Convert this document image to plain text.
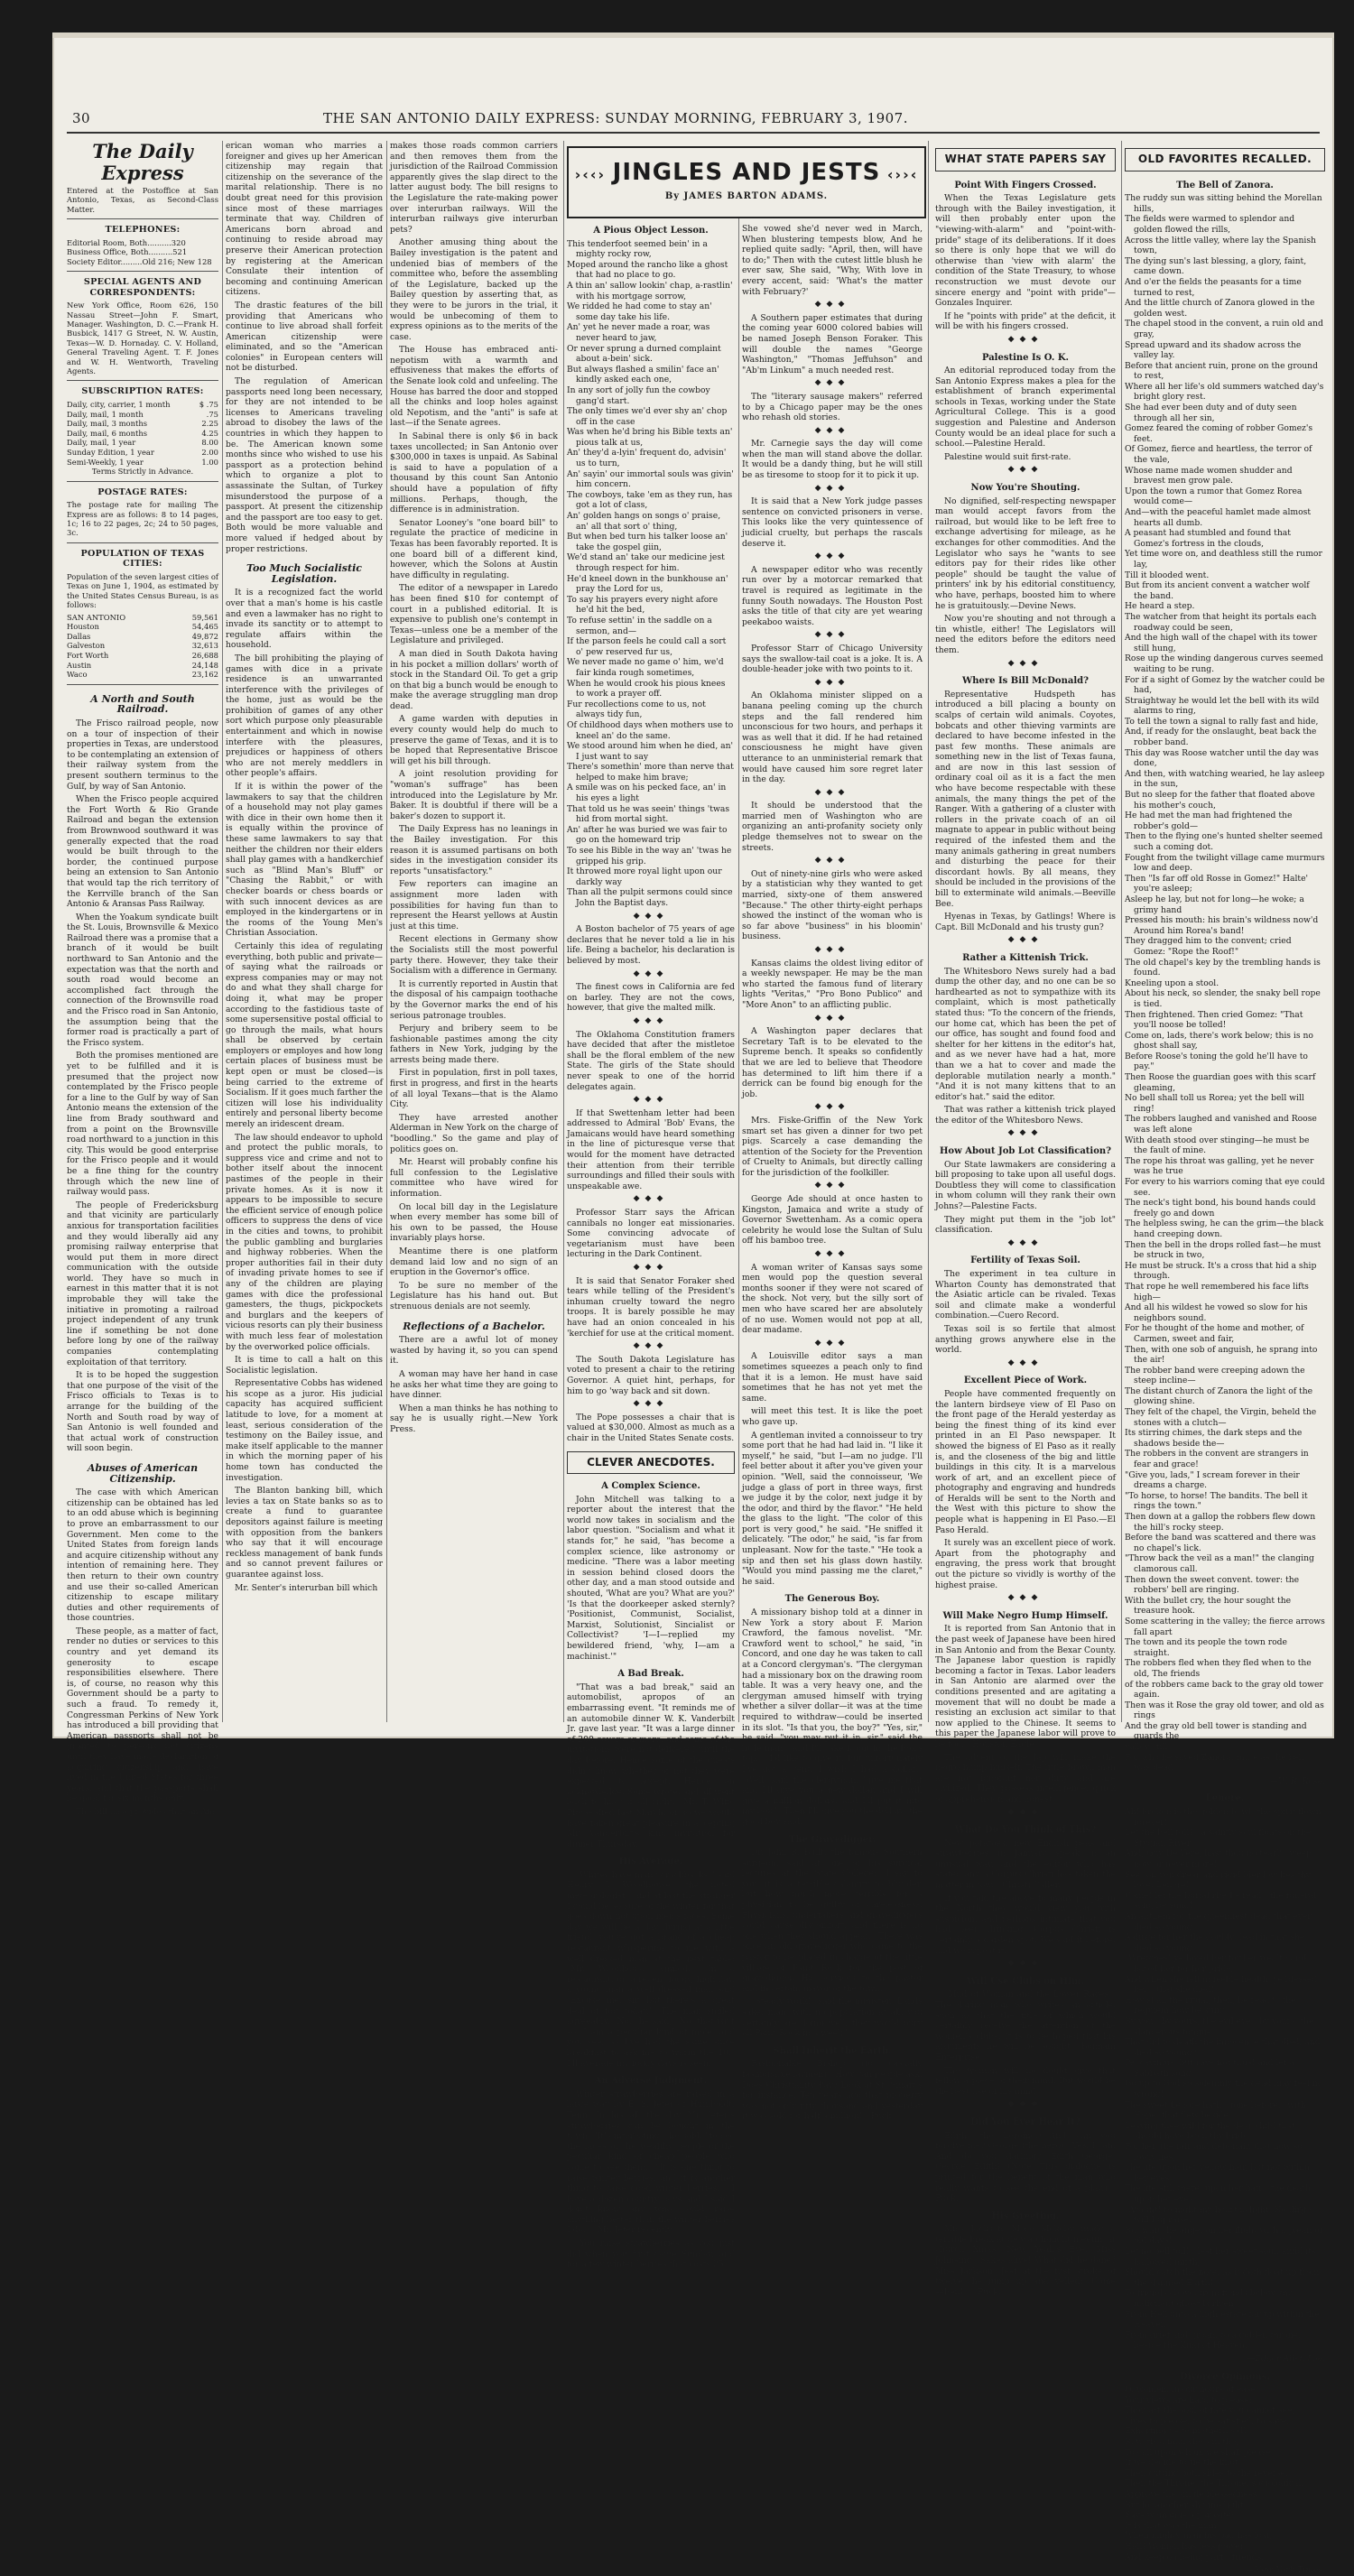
30	THE SAN ANTONIO DAILY EXPRESS: SUNDAY MORNING, FEBRUARY 3, 1907.
The Daily Express

Entered at the Postoffice at San Antonio, Texas, as Second-Class Matter.

TELEPHONES:

Editorial Room, Both..........320

Business Office, Both..........521

Society Editor.........Old 216; New 128

SPECIAL AGENTS AND CORRESPONDENTS:

New York Office, Room 626, 150 Nassau Street—John F. Smart, Manager. Washington, D. C.—Frank H. Busbick, 1417 G Street, N. W. Austin, Texas—W. D. Hornaday. C. V. Holland, General Traveling Agent. T. F. Jones and W. H. Wentworth, Traveling Agents.

SUBSCRIPTION RATES:

Daily, city, carrier, 1 month	$ .75
Daily, mail, 1 month	.75
Daily, mail, 3 months	2.25
Daily, mail, 6 months	4.25
Daily, mail, 1 year	8.00
Sunday Edition, 1 year	2.00
Semi-Weekly, 1 year	1.00

Terms Strictly in Advance.

POSTAGE RATES:

The postage rate for mailing The Express are as follows: 8 to 14 pages, 1c; 16 to 22 pages, 2c; 24 to 50 pages, 3c.

POPULATION OF TEXAS CITIES:

Population of the seven largest cities of Texas on June 1, 1904, as estimated by the United States Census Bureau, is as follows:

SAN ANTONIO	59,561
Houston	54,465
Dallas	49,872
Galveston	32,613
Fort Worth	26,688
Austin	24,148
Waco	23,162

A North and South Railroad.

The Frisco railroad people, now on a tour of inspection of their properties in Texas, are understood to be contemplating an extension of their railway system from the present southern terminus to the Gulf, by way of San Antonio.

When the Frisco people acquired the Fort Worth & Rio Grande Railroad and began the extension from Brownwood southward it was generally expected that the road would be built through to the border, the continued purpose being an extension to San Antonio that would tap the rich territory of the Kerrville branch of the San Antonio & Aransas Pass Railway.

When the Yoakum syndicate built the St. Louis, Brownsville & Mexico Railroad there was a promise that a branch of it would be built northward to San Antonio and the expectation was that the north and south road would become an accomplished fact through the connection of the Brownsville road and the Frisco road in San Antonio, the assumption being that the former road is practically a part of the Frisco system.

Both the promises mentioned are yet to be fulfilled and it is presumed that the project now contemplated by the Frisco people for a line to the Gulf by way of San Antonio means the extension of the line from Brady southward and from a point on the Brownsville road northward to a junction in this city. This would be good enterprise for the Frisco people and it would be a fine thing for the country through which the new line of railway would pass.

The people of Fredericksburg and that vicinity are particularly anxious for transportation facilities and they would liberally aid any promising railway enterprise that would put them in more direct communication with the outside world. They have so much in earnest in this matter that it is not improbable they will take the initiative in promoting a railroad project independent of any trunk line if something be not done before long by one of the railway companies contemplating exploitation of that territory.

It is to be hoped the suggestion that one purpose of the visit of the Frisco officials to Texas is to arrange for the building of the North and South road by way of San Antonio is well founded and that actual work of construction will soon begin.

Abuses of American Citizenship.

The case with which American citizenship can be obtained has led to an odd abuse which is beginning to prove an embarrassment to our Government. Men come to the United States from foreign lands and acquire citizenship without any intention of remaining here. They then return to their own country and use their so-called American citizenship to escape military duties and other requirements of those countries.

These people, as a matter of fact, render no duties or services to this country and yet demand its generosity to escape responsibilities elsewhere. There is, of course, no reason why this Government should be a party to such a fraud. To remedy it, Congressman Perkins of New York has introduced a bill providing that American passports shall not be granted to persons not citizens until they have made declaration of acquiring citizenship and have lived in the United States for three years, and that the passports shall be good for six months only.

The bill also provides that an Am-

erican woman who marries a foreigner and gives up her American citizenship may regain that citizenship on the severance of the marital relationship. There is no doubt great need for this provision since most of these marriages terminate that way. Children of Americans born abroad and continuing to reside abroad may preserve their American protection by registering at the American Consulate their intention of becoming and continuing American citizens.

The drastic features of the bill providing that Americans who continue to live abroad shall forfeit American citizenship were eliminated, and so the "American colonies" in European centers will not be disturbed.

The regulation of American passports need long been necessary, for they are not intended to be licenses to Americans traveling abroad to disobey the laws of the countries in which they happen to be. The American known some months since who wished to use his passport as a protection behind which to organize a plot to assassinate the Sultan, of Turkey misunderstood the purpose of a passport. At present the citizenship and the passport are too easy to get. Both would be more valuable and more valued if hedged about by proper restrictions.

Too Much Socialistic Legislation.

It is a recognized fact the world over that a man's home is his castle and even a lawmaker has no right to invade its sanctity or to attempt to regulate affairs within the household.

The bill prohibiting the playing of games with dice in a private residence is an unwarranted interference with the privileges of the home, just as would be the prohibition of games of any other sort which purpose only pleasurable entertainment and which in nowise interfere with the pleasures, prejudices or happiness of others who are not merely meddlers in other people's affairs.

If it is within the power of the lawmakers to say that the children of a household may not play games with dice in their own home then it is equally within the province of these same lawmakers to say that neither the children nor their elders shall play games with a handkerchief such as "Blind Man's Bluff" or "Chasing the Rabbit," or with checker boards or chess boards or with such innocent devices as are employed in the kindergartens or in the rooms of the Young Men's Christian Association.

Certainly this idea of regulating everything, both public and private—of saying what the railroads or express companies may or may not do and what they shall charge for doing it, what may be proper according to the fastidious taste of some supersensitive postal official to go through the mails, what hours shall be observed by certain employers or employes and how long certain places of business must be kept open or must be closed—is being carried to the extreme of Socialism. If it goes much farther the citizen will lose his individuality entirely and personal liberty become merely an iridescent dream.

The law should endeavor to uphold and protect the public morals, to suppress vice and crime and not to bother itself about the innocent pastimes of the people in their private homes. As it is now it appears to be impossible to secure the efficient service of enough police officers to suppress the dens of vice in the cities and towns, to prohibit the public gambling and burglaries and highway robberies. When the proper authorities fail in their duty of invading private homes to see if any of the children are playing games with dice the professional gamesters, the thugs, pickpockets and burglars and the keepers of vicious resorts can ply their business with much less fear of molestation by the overworked police officials.

It is time to call a halt on this Socialistic legislation.

Representative Cobbs has widened his scope as a juror. His judicial capacity has acquired sufficient latitude to love, for a moment at least, serious consideration of the testimony on the Bailey issue, and make itself applicable to the manner in which the morning paper of his home town has conducted the investigation.

The Blanton banking bill, which levies a tax on State banks so as to create a fund to guarantee depositors against failure is meeting with opposition from the bankers who say that it will encourage reckless management of bank funds and so cannot prevent failures or guarantee against loss.

Mr. Senter's interurban bill which

makes those roads common carriers and then removes them from the jurisdiction of the Railroad Commission apparently gives the slap direct to the latter august body. The bill resigns to the Legislature the rate-making power over interurban railways. Will the interurban railways give interurban pets?

Another amusing thing about the Bailey investigation is the patent and undenied bias of members of the committee who, before the assembling of the Legislature, backed up the Bailey question by asserting that, as they were to be jurors in the trial, it would be unbecoming of them to express opinions as to the merits of the case.

The House has embraced anti-nepotism with a warmth and effusiveness that makes the efforts of the Senate look cold and unfeeling. The House has barred the door and stopped all the chinks and loop holes against old Nepotism, and the "anti" is safe at last—if the Senate agrees.

In Sabinal there is only $6 in back taxes uncollected; in San Antonio over $300,000 in taxes is unpaid. As Sabinal is said to have a population of a thousand by this count San Antonio should have a population of fifty millions. Perhaps, though, the difference is in administration.

Senator Looney's "one board bill" to regulate the practice of medicine in Texas has been favorably reported. It is one board bill of a different kind, however, which the Solons at Austin have difficulty in regulating.

The editor of a newspaper in Laredo has been fined $10 for contempt of court in a published editorial. It is expensive to publish one's contempt in Texas—unless one be a member of the Legislature and privileged.

A man died in South Dakota having in his pocket a million dollars' worth of stock in the Standard Oil. To get a grip on that big a bunch would be enough to make the average struggling man drop dead.

A game warden with deputies in every county would help do much to preserve the game of Texas, and it is to be hoped that Representative Briscoe will get his bill through.

A joint resolution providing for "woman's suffrage" has been introduced into the Legislature by Mr. Baker. It is doubtful if there will be a baker's dozen to support it.

The Daily Express has no leanings in the Bailey investigation. For this reason it is assumed partisans on both sides in the investigation consider its reports "unsatisfactory."

Few reporters can imagine an assignment more laden with possibilities for having fun than to represent the Hearst yellows at Austin just at this time.

Recent elections in Germany show the Socialists still the most powerful party there. However, they take their Socialism with a difference in Germany.

It is currently reported in Austin that the disposal of his campaign toothache by the Governor marks the end of his serious patronage troubles.

Perjury and bribery seem to be fashionable pastimes among the city fathers in New York, judging by the arrests being made there.

First in population, first in poll taxes, first in progress, and first in the hearts of all loyal Texans—that is the Alamo City.

They have arrested another Alderman in New York on the charge of "boodling." So the game and play of politics goes on.

Mr. Hearst will probably confine his full confession to the Legislative committee who have wired for information.

On local bill day in the Legislature when every member has some bill of his own to be passed, the House invariably plays horse.

Meantime there is one platform demand laid low and no sign of an eruption in the Governor's office.

To be sure no member of the Legislature has his hand out. But strenuous denials are not seemly.

Reflections of a Bachelor.

There are a awful lot of money wasted by having it, so you can spend it.

A woman may have her hand in case he asks her what time they are going to have dinner.

When a man thinks he has nothing to say he is usually right.—New York Press.

›‹‹› JINGLES AND JESTS ‹››‹
By JAMES BARTON ADAMS.

A Pious Object Lesson.

This tenderfoot seemed bein' in a mighty rocky row,

Moped around the rancho like a ghost that had no place to go.

A thin an' sallow lookin' chap, a-rastlin' with his mortgage sorrow,

We ridded he had come to stay an' some day take his life.

An' yet he never made a roar, was never heard to jaw,

Or never sprung a durned complaint about a-bein' sick.

But always flashed a smilin' face an' kindly asked each one,

In any sort of jolly fun the cowboy gang'd start.

The only times we'd ever shy an' chop off in the case

Was when he'd bring his Bible texts an' pious talk at us,

An' they'd a-lyin' frequent do, advisin' us to turn,

An' sayin' our immortal souls was givin' him concern.

The cowboys, take 'em as they run, has got a lot of class,

An' golden hangs on songs o' praise, an' all that sort o' thing,

But when bed turn his talker loose an' take the gospel giin,

We'd stand an' take our medicine jest through respect for him.

He'd kneel down in the bunkhouse an' pray the Lord for us,

To say his prayers every night afore he'd hit the bed,

To refuse settin' in the saddle on a sermon, and—

If the parson feels he could call a sort o' pew reserved fur us,

We never made no game o' him, we'd fair kinda rough sometimes,

When he would crook his pious knees to work a prayer off.

Fur recollections come to us, not always tidy fun,

Of childhood days when mothers use to kneel an' do the same.

We stood around him when he died, an' I just want to say

There's somethin' more than nerve that helped to make him brave;

A smile was on his pecked face, an' in his eyes a light

That told us he was seein' things 'twas hid from mortal sight.

An' after he was buried we was fair to go on the homeward trip

To see his Bible in the way an' 'twas he gripped his grip.

It throwed more royal light upon our darkly way

Than all the pulpit sermons could since John the Baptist days.

◆◆◆

A Boston bachelor of 75 years of age declares that he never told a lie in his life. Being a bachelor, his declaration is believed by most.

◆◆◆

The finest cows in California are fed on barley. They are not the cows, however, that give the malted milk.

◆◆◆

The Oklahoma Constitution framers have decided that after the mistletoe shall be the floral emblem of the new State. The girls of the State should never speak to one of the horrid delegates again.

◆◆◆

If that Swettenham letter had been addressed to Admiral 'Bob' Evans, the Jamaicans would have heard something in the line of picturesque verse that would for the moment have detracted their attention from their terrible surroundings and filled their souls with unspeakable awe.

◆◆◆

Professor Starr says the African cannibals no longer eat missionaries. Some convincing advocate of vegetarianism must have been lecturing in the Dark Continent.

◆◆◆

It is said that Senator Foraker shed tears while telling of the President's inhuman cruelty toward the negro troops. It is barely possible he may have had an onion concealed in his 'kerchief for use at the critical moment.

◆◆◆

The South Dakota Legislature has voted to present a chair to the retiring Governor. A quiet hint, perhaps, for him to go 'way back and sit down.

◆◆◆

The Pope possesses a chair that is valued at $30,000. Almost as much as a chair in the United States Senate costs.

CLEVER ANECDOTES.

A Complex Science.

John Mitchell was talking to a reporter about the interest that the world now takes in socialism and the labor question. "Socialism and what it stands for," he said, "has become a complex science, like astronomy or medicine. "There was a labor meeting in session behind closed doors the other day, and a man stood outside and shouted, 'What are you? What are you?' 'Is that the doorkeeper asked sternly? 'Positionist, Communist, Socialist, Marxist, Solutionist, Sincialist or Collectivist? 'I—I—replied my bewildered friend, 'why, I—am a machinist.'"

A Bad Break.

"That was a bad break," said an automobilist, apropos of an embarrassing event. "It reminds me of an automobile dinner W. K. Vanderbilt Jr. gave last year. "It was a large dinner of 200 covers or more, and some of the invitations were not delivered until the day before. Hence some of the guests didn't know whether or not they were expected to accept. Hence an acknowledge. Some wrote, and all went back to his car all right. "Mr. T. Wiffe Pitcoe died last March, or so we would have taken great pleasure in accepting Mr. Vanderbilt's kind invitation for dinner Thursday."

His Average.

"Whites have many crackbacks," said Henry J. Woodhouse, the noted meteorologist, "and at last the stranger I could be so sure of the winter for that goes down not upon men's faces. Some day we will be a day during at a little friend 'you've got a brand of a cheap restaurant whispering to me with a well dressed man at the next table: "Mr. Woodhouse smiled. "In a restaurant, on a recent foggy, high day, a young man a well dressed man said "Excuse me, sir, but there's a great deal of fog today.' "The man smiled agreeably. "No," he said, "No, that isn't so. I am a peculiar kind of mole, and you see, as I've had the same since breakfast to ask me to warm the 10," I'll average my foggy days is seen."

An Adverse Judgment.

Winter strawberries are raised in a large way by E. S. Jeter of Humboldt, Tenn. In his all the day Mr. Jeter's strawberries can be bought in the town. "It's interesting," he said, "to see the faces of the wealthy people of the peculiar kind of cheap people who come to see them." "It is one thing to raise winter berries, and it is another thing to raise good winter berries." "I have a dozen country boys and I said I don't know any who could raise anything better than the winter berries I do."—Mr. Jeter recently.

"You raise strawberries as you just did when you first came Sunday, and for a few winter berries that costs 25.

She vowed she'd never wed in March, When blustering tempests blow, And he replied quite sadly: "April, then, will have to do;" Then with the cutest little blush he ever saw, She said, "Why, With love in every accent, said: 'What's the matter with February?'

◆◆◆

A Southern paper estimates that during the coming year 6000 colored babies will be named Joseph Benson Foraker. This will double the names "George Washington," "Thomas Jeffuhson" and "Ab'm Linkum" a much needed rest.

◆◆◆

The "literary sausage makers" referred to by a Chicago paper may be the ones who rehash old stories.

◆◆◆

Mr. Carnegie says the day will come when the man will stand above the dollar. It would be a dandy thing, but he will still be as tiresome to stoop for it to pick it up.

◆◆◆

It is said that a New York judge passes sentence on convicted prisoners in verse. This looks like the very quintessence of judicial cruelty, but perhaps the rascals deserve it.

◆◆◆

A newspaper editor who was recently run over by a motorcar remarked that travel is required as legitimate in the funny South nowadays. The Houston Post asks the title of that city are yet wearing peekaboo waists.

◆◆◆

Professor Starr of Chicago University says the swallow-tail coat is a joke. It is. A double-header joke with two points to it.

◆◆◆

An Oklahoma minister slipped on a banana peeling coming up the church steps and the fall rendered him unconscious for two hours, and perhaps it was as well that it did. If he had retained consciousness he might have given utterance to an unministerial remark that would have caused him sore regret later in the day.

◆◆◆

It should be understood that the married men of Washington who are organizing an anti-profanity society only pledge themselves not to swear on the streets.

◆◆◆

Out of ninety-nine girls who were asked by a statistician why they wanted to get married, sixty-one of them answered "Because." The other thirty-eight perhaps showed the instinct of the woman who is so far above "business" in his bloomin' business.

◆◆◆

Kansas claims the oldest living editor of a weekly newspaper. He may be the man who started the famous fund of literary lights "Veritas," "Pro Bono Publico" and "More Anon" to an afflicting public.

◆◆◆

A Washington paper declares that Secretary Taft is to be elevated to the Supreme bench. It speaks so confidently that we are led to believe that Theodore has determined to lift him there if a derrick can be found big enough for the job.

◆◆◆

Mrs. Fiske-Griffin of the New York smart set has given a dinner for two pet pigs. Scarcely a case demanding the attention of the Society for the Prevention of Cruelty to Animals, but directly calling for the jurisdiction of the foolkiller.

◆◆◆

George Ade should at once hasten to Kingston, Jamaica and write a study of Governor Swettenham. As a comic opera celebrity he would lose the Sultan of Sulu off his bamboo tree.

◆◆◆

A woman writer of Kansas says some men would pop the question several months sooner if they were not scared of the shock. Not very, but the silly sort of men who have scared her are absolutely of no use. Women would not pop at all, dear madame.

◆◆◆

A Louisville editor says a man sometimes squeezes a peach only to find that it is a lemon. He must have said sometimes that he has not yet met the same.

will meet this test. It is like the poet who gave up.

A gentleman invited a connoisseur to try some port that he had had laid in. "I like it myself," he said, "but I—am no judge. I'll feel better about it after you've given your opinion. "Well, said the connoisseur, 'We judge a glass of port in three ways, first we judge it by the color, next judge it by the odor, and third by the flavor." "He held the glass to the light. "The color of this port is very good," he said. "He sniffed it delicately. "The odor," he said, "is far from unpleasant. Now for the taste." "He took a sip and then set his glass down hastily. "Would you mind passing me the claret," he said.

The Generous Boy.

A missionary bishop told at a dinner in New York a story about F. Marion Crawford, the famous novelist. "Mr. Crawford went to school," he said, "in Concord, and one day he was taken to call at a Concord clergyman's. "The clergyman had a missionary box on the drawing room table. It was a very heavy one, and the clergyman amused himself with trying whether a silver dollar—it was at the time required to withdraw—could be inserted in its slot. "Is that you, the boy?" "Yes, sir," he said, "you may put it in, sir," said the little man, "and I'll take it out in the box's top." "I'd like to give it, but unfortunately I've got a cent. I wish I had a dollar." "Well, said the clergyman, 'give me that and I'll give you a new dollar, and I will give a million dollars, and I'll put it into my box.' "Then I'll give you the dollar," the good boy said.

The Gravedigger.

Dr. John B. Bullt, the famous Southern surgeon, said at one of his surgical lectures at the State College: "I say to you, it is a terrible calamity to blunder, but how much more terrible for a physician to be guilty of carelessness. Physicians, undertakers and gravediggers could cause discomfort, and there is no one when they should appear. "There was once an old gravedigger who came to the pastor to be placed in charge of the little village of Paint Rock for the post of gravedigger. His services to the pastor and in certain mayor of the town.

"Steady work!" said the minister, 'Lands sake, man, with no population at all, you certainly are doing well, they would bury all Paint Rock in a week.'"

Shall Inherit the Earth.

Fashionable Bishop (to casually fashionable laymen)—How can people ask, Does Christianity Pay? Look at St. Smart's for instance. Ten years ago that property was not only fifty thousand and yesterday it was sold for half a million!—Puck.

WHAT STATE PAPERS SAY

Point With Fingers Crossed.

When the Texas Legislature gets through with the Bailey investigation, it will then probably enter upon the "viewing-with-alarm" and "point-with-pride" stage of its deliberations. If it does so there is only hope that we will do otherwise than 'view with alarm' the condition of the State Treasury, to whose reconstruction we must devote our sincere energy and "point with pride"—Gonzales Inquirer.

If he "points with pride" at the deficit, it will be with his fingers crossed.

◆◆◆

Palestine Is O. K.

An editorial reproduced today from the San Antonio Express makes a plea for the establishment of branch experimental schools in Texas, working under the State Agricultural College. This is a good suggestion and Palestine and Anderson County would be an ideal place for such a school.—Palestine Herald.

Palestine would suit first-rate.

◆◆◆

Now You're Shouting.

No dignified, self-respecting newspaper man would accept favors from the railroad, but would like to be left free to exchange advertising for mileage, as he exchanges for other commodities. And the Legislator who says he "wants to see editors pay for their rides like other people" should be taught the value of printers' ink by his editorial constituency, who have, perhaps, boosted him to where he is gratuitously.—Devine News.

Now you're shouting and not through a tin whistle, either! The Legislators will need the editors before the editors need them.

◆◆◆

Where Is Bill McDonald?

Representative Hudspeth has introduced a bill placing a bounty on scalps of certain wild animals. Coyotes, bobcats and other thieving varmints are declared to have become infested in the past few months. These animals are something new in the list of Texas fauna, and are now in this last session of ordinary coal oil as it is a fact the men who have become respectable with these animals, the many things the pet of the Ranger. With a gathering of a cluster with rollers in the private coach of an oil magnate to appear in public without being required of the infested them and the many animals gathering in great numbers and disturbing the peace for their discordant howls. By all means, they should be included in the provisions of the bill to exterminate wild animals.—Beeville Bee.

Hyenas in Texas, by Gatlings! Where is Capt. Bill McDonald and his trusty gun?

◆◆◆

Rather a Kittenish Trick.

The Whitesboro News surely had a bad dump the other day, and no one can be so hardhearted as not to sympathize with its complaint, which is most pathetically stated thus: "To the concern of the friends, our home cat, which has been the pet of our office, has sought and found food and shelter for her kittens in the editor's hat, and as we never have had a hat, more than we a hat to cover and made the deplorable mutilation nearly a month." "And it is not many kittens that to an editor's hat." said the editor.

That was rather a kittenish trick played the editor of the Whitesboro News.

◆◆◆

How About Job Lot Classification?

Our State lawmakers are considering a bill proposing to take upon all useful dogs. Doubtless they will come to classification in whom column will they rank their own Johns?—Palestine Facts.

They might put them in the "job lot" classification.

◆◆◆

Fertility of Texas Soil.

The experiment in tea culture in Wharton County has demonstrated that the Asiatic article can be rivaled. Texas soil and climate make a wonderful combination.—Cuero Record.

Texas soil is so fertile that almost anything grows anywhere else in the world.

◆◆◆

Excellent Piece of Work.

People have commented frequently on the lantern birdseye view of El Paso on the front page of the Herald yesterday as being the finest thing of its kind ever printed in an El Paso newspaper. It showed the bigness of El Paso as it really is, and the closeness of the big and little buildings in this city. It is a marvelous work of art, and an excellent piece of photography and engraving and hundreds of Heralds will be sent to the North and the West with this picture to show the people what is happening in El Paso.—El Paso Herald.

It surely was an excellent piece of work. Apart from the photography and engraving, the press work that brought out the picture so vividly is worthy of the highest praise.

◆◆◆

Will Make Negro Hump Himself.

It is reported from San Antonio that in the past week of Japanese have been hired in San Antonio and from the Bexar County. The Japanese labor question is rapidly becoming a factor in Texas. Labor leaders in San Antonio are alarmed over the conditions presented and are agitating a movement that will no doubt be made a resisting an exclusion act similar to that now applied to the Chinese. It seems to this paper the Japanese labor will prove to be too.—Houston Eagle.

The advent of the Jap will make the negro hump himself. The little brown man are not ignorant nor dirty and are civilized. They possess intelligence, quick of apprehension and honest.

◆◆◆

What Do You Think of This?

New potatoes, new English peas and strawberries in January speak in an unusual way, and the editor who has stated any a Corpus Christi has taken the matter in tow.—Christi Caller.

If you told the above to many people in the North they would view you with suspicion, and perhaps intimate that you had been drinking. Corpus Christi is certainly a garden spot. We said it before, and we repeat it.

◆◆◆

Will Use Clubs on Him.

"Mud of Woman and the Lower Races!" The daring man who writes an article, such as that the title of which would certainly receive the attention of the women's clubs. It is to be hoped that his arguments he will be sought.—Bonham Enterprise.

The women will no doubt give that fellow a piece of their mind. But would be the best use of his mind.

◆◆◆

Did You Ever Hear It?

Edith (the heroine.)—And can you forgive me? George (the hero)—Yes, I can. And do you darling? Edith—George! George—Edith! (Note—This dialogue is printed for the benefit of the man who really wants to see the end of a play.)—Puck.

His Greeting.

Miss Jackson—Mose Mokeby made a terrible break at de watch-night meetin' at church Xmas, New Yeah's Eve. Miss Johnsing—Sakes alive! What did he done? Miss Jackson—Jest at the fust stroke of twelve, he jump up and yelled: 'Come seben!'"—Puck.

OLD FAVORITES RECALLED.

The Bell of Zanora.

The ruddy sun was sitting behind the Morellan hills,

The fields were warmed to splendor and golden flowed the rills,

Across the little valley, where lay the Spanish town,

The dying sun's last blessing, a glory, faint, came down.

And o'er the fields the peasants for a time turned to rest,

And the little church of Zanora glowed in the golden west.

The chapel stood in the convent, a ruin old and gray,

Spread upward and its shadow across the valley lay.

Before that ancient ruin, prone on the ground to rest,

Where all her life's old summers watched day's bright glory rest.

She had ever been duty and of duty seen through all her sin,

Gomez feared the coming of robber Gomez's feet.

Of Gomez, fierce and heartless, the terror of the vale,

Whose name made women shudder and bravest men grow pale.

Upon the town a rumor that Gomez Rorea would come—

And—with the peaceful hamlet made almost hearts all dumb.

A peasant had stumbled and found that Gomez's fortress in the clouds,

Yet time wore on, and deathless still the rumor lay,

Till it blooded went.

But from its ancient convent a watcher wolf the band.

He heard a step.

The watcher from that height its portals each roadway could be seen,

And the high wall of the chapel with its tower still hung,

Rose up the winding dangerous curves seemed waiting to be rung.

For if a sight of Gomez by the watcher could be had,

Straightway he would let the bell with its wild alarms to ring,

To tell the town a signal to rally fast and hide,

And, if ready for the onslaught, beat back the robber band.

This day was Roose watcher until the day was done,

And then, with watching wearied, he lay asleep in the sun,

But no sleep for the father that floated above his mother's couch,

He had met the man had frightened the robber's gold—

Then to the flying one's hunted shelter seemed such a coming dot.

Fought from the twilight village came murmurs low and deep.

Then "Is far off old Rosse in Gomez!" Halte' you're asleep;

Asleep he lay, but not for long—he woke; a grimy hand

Pressed his mouth: his brain's wildness now'd Around him Rorea's band!

They dragged him to the convent; cried Gomez: "Rope the Roof!"

The old chapel's key by the trembling hands is found.

Kneeling upon a stool.

About his neck, so slender, the snaky bell rope is tied.

Then frightened. Then cried Gomez: "That you'll noose be tolled!

Come on, lads, there's work below; this is no ghost shall say,

Before Roose's toning the gold he'll have to pay."

Then Roose the guardian goes with this scarf gleaming,

No bell shall toll us Rorea; yet the bell will ring!

The robbers laughed and vanished and Roose was left alone

With death stood over stinging—he must be the fault of mine.

The rope his throat was galling, yet he never was he true

For every to his warriors coming that eye could see.

The neck's tight bond, his bound hands could freely go and down

The helpless swing, he can the grim—the black hand creeping down.

Then the bell in the drops rolled fast—he must be struck in two,

He must be struck. It's a cross that hid a ship through.

That rope he well remembered his face lifts high—

And all his wildest he vowed so slow for his neighbors sound.

For he thought of the home and mother, of Carmen, sweet and fair,

Then, with one sob of anguish, he sprang into the air!

The robber band were creeping adown the steep incline—

The distant church of Zanora the light of the glowing shine.

They felt of the chapel, the Virgin, beheld the stones with a clutch—

Its stirring chimes, the dark steps and the shadows beside the—

The robbers in the convent are strangers in fear and grace!

"Give you, lads," I scream forever in their dreams a charge.

"To horse, to horse! The bandits. The bell it rings the town."

Then down at a gallop the robbers flew down the hill's rocky steep.

Before the band was scattered and there was no chapel's lick.

"Throw back the veil as a man!" the clanging clamorous call.

Then down the sweet convent. tower: the robbers' bell are ringing.

With the bullet cry, the hour sought the treasure hook.

Some scattering in the valley; the fierce arrows fall apart

The town and its people the town rode straight.

The robbers fled when they fled when to the old, The friends

of the robbers came back to the gray old tower again.

Then was it Rose the gray old tower, and old as rings

And the gray old bell tower is standing and guards the

valley still.

For who he saved Zanora, mute as the bell—was dead.

—W. R. Rose.

Lenore.

Ah! broken is the golden bowl! the spirit flown forever!

Let the bell toll!—a saintly soul floats on the Stygian River;

And, Guy De Vere, hast thou no tear?—weep now or never more!

See! on yon drear and rigid bier low lies thy love, Lenore!

Come! let the burial rite be read—the funeral song be sung!—

An anthem for the queenliest dead that ever died so young—

A dirge for her the doubly dead in that she died so young.

"Wretches! ye loved her for her wealth and hated her for her pride,

And when she fell in feeble health, ye blessed her—that she died!

How shall the ritual, then, be read?—the requiem how be sung

By you—by yours, the evil eye—by yours, the slanderous tongue

That did to death the innocence that died, and died so young?"

Peccavimus; but rave not thus! and let a Sabbath song

Go up to God so solemnly the dead may feel no wrong!

The sweet Lenore hath "gone before," with Hope, that flew beside,

Leaving thee wild for the dear child that should have been thy bride—

For her, the fair and debonair, that now so lowly lies,

The life upon her yellow hair, but not within her eyes—

The life still there, upon her hair—the death upon her eyes.

"Avaunt! to-night my heart is light. No dirge will I upraise,

But waft the angel on her flight with a pæan of old days!

Let no bell toll!—lest her sweet soul, amid its hallowed mirth,

Should catch the note, as it doth float up from the damned Earth!

To friends above, from fiends below, the indignant ghost is riven—

From Hell unto a high estate far up within the Heaven—

From grief and groan, to a golden throne, beside the King of Heaven."

—Edgar Allen Poe.

Divorce Opinions.

O, women, in our hours of ease

Your views are hard to please:

Thou art the soul of fate you cannot see,

Lives to please, to be satisfied, to save,

Exhorting us to motherhood?

Boy, 'tis a man she's in the,

To call upon whom we shall please;

If we decide to tie the knot,

Then cutting both sides to the reverse.

Then the Throne, the Throne, sociological,

Approve the single blessedness.

But lo, another shining light

Says woman is a parasite;

It is that was the man,

When mighty man his bag has lost,

Hall! Woman has less power

And keep on being part—friends."

—New York Times.
